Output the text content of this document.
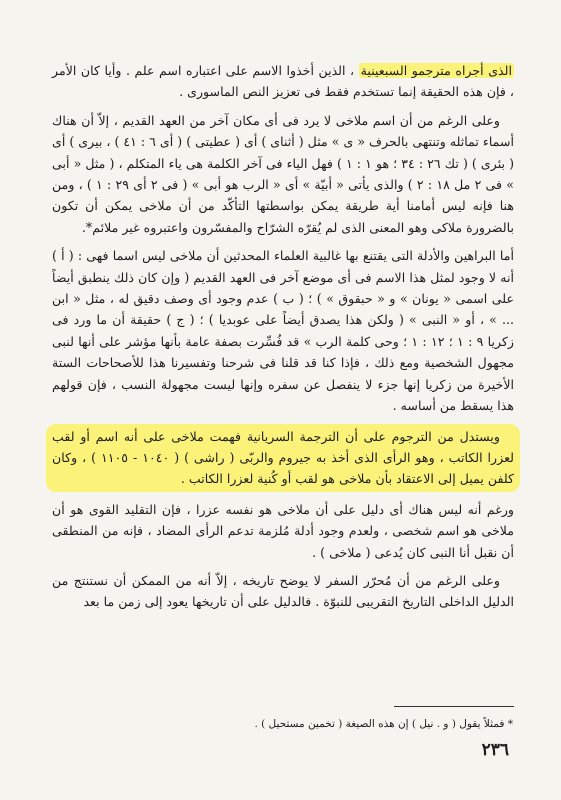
الذى أجراه مترجمو السبعينية ، الذين أخذوا الاسم على اعتباره اسم علم . وأيا كان الأمر ، فإن هذه الحقيقة إنما تستخدم فقط فى تعزيز النص الماسورى .

وعلى الرغم من أن اسم ملاخى لا يرد فى أى مكان آخر من العهد القديم ، إلاّ أن هناك أسماء تماثله وتنتهى بالحرف « ى » مثل ( أثناى ) أى ( عطيتى ) ( أى ٦ : ٤١ ) ، بيرى ) أى ( بئرى ) ( تك ٢٦ : ٣٤ ؛ هو ١ : ١ ) فهل الياء فى آخر الكلمة هى ياء المتكلم ، ( مثل « أبى » فى ٢ مل ١٨ : ٢ ) والذى يأتى « أبيّة » أى « الرب هو أبى » ( فى ٢ أى ٢٩ : ١ ) ، ومن هنا فإنه ليس أمامنا أية طريقة يمكن بواسطتها التأكّد من أن ملاخى يمكن أن تكون بالضرورة ملاكى وهو المعنى الذى لم يُقرّه الشرّاح والمفسّرون واعتبروه غير ملائم*.

أما البراهين والأدلة التى يقتنع بها غالبية العلماء المحدثين أن ملاخى ليس اسما فهى : ( أ ) أنه لا وجود لمثل هذا الاسم فى أى موضع آخر فى العهد القديم ( وإن كان ذلك ينطبق أيضاً على اسمى « يونان » و « حبقوق » ) ؛ ( ب ) عدم وجود أى وصف دقيق له ، مثل « ابن ... » ، أو « النبى » ( ولكن هذا يصدق أيضاً على عوبديا ) ؛ ( ج ) حقيقة أن ما ورد فى زكريا ٩ : ١ ؛ ١٢ : ١ ؛ وحى كلمة الرب » قد فُسِّرت بصفة عامة بأنها مؤشر على أنها لنبى مجهول الشخصية ومع ذلك ، فإذا كنا قد قلنا فى شرحنا وتفسيرنا هذا للأصحاحات الستة الأخيرة من زكريا إنها جزء لا ينفصل عن سفره وإنها ليست مجهولة النسب ، فإن قولهم هذا يسقط من أساسه .

ويستدل من الترجوم على أن الترجمة السريانية فهمت ملاخى على أنه اسم أو لقب لعزرا الكاتب ، وهو الرأى الذى أخذ به جيروم والربّى ( راشى ) ( ١٠٤٠ - ١١٠٥ ) ، وكان كلفن يميل إلى الاعتقاد بأن ملاخى هو لقب أو كُنية لعزرا الكاتب .

ورغم أنه ليس هناك أى دليل على أن ملاخى هو نفسه عزرا ، فإن التقليد القوى هو أن ملاخى هو اسم شخصى ، ولعدم وجود أدلة مُلزمة تدعم الرأى المضاد ، فإنه من المنطقى أن نقبل أنا النبى كان يُدعى ( ملاخى ) .

وعلى الرغم من أن مُحرّر السفر لا يوضح تاريخه ، إلاّ أنه من الممكن أن نستنتج من الدليل الداخلى التاريخ التقريبى للنبوّة . فالدليل على أن تاريخها يعود إلى زمن ما بعد

* فمثلاً يقول ( و . نيل ) إن هذه الصيغة ( تخمين مستحيل ) .
٢٣٦
